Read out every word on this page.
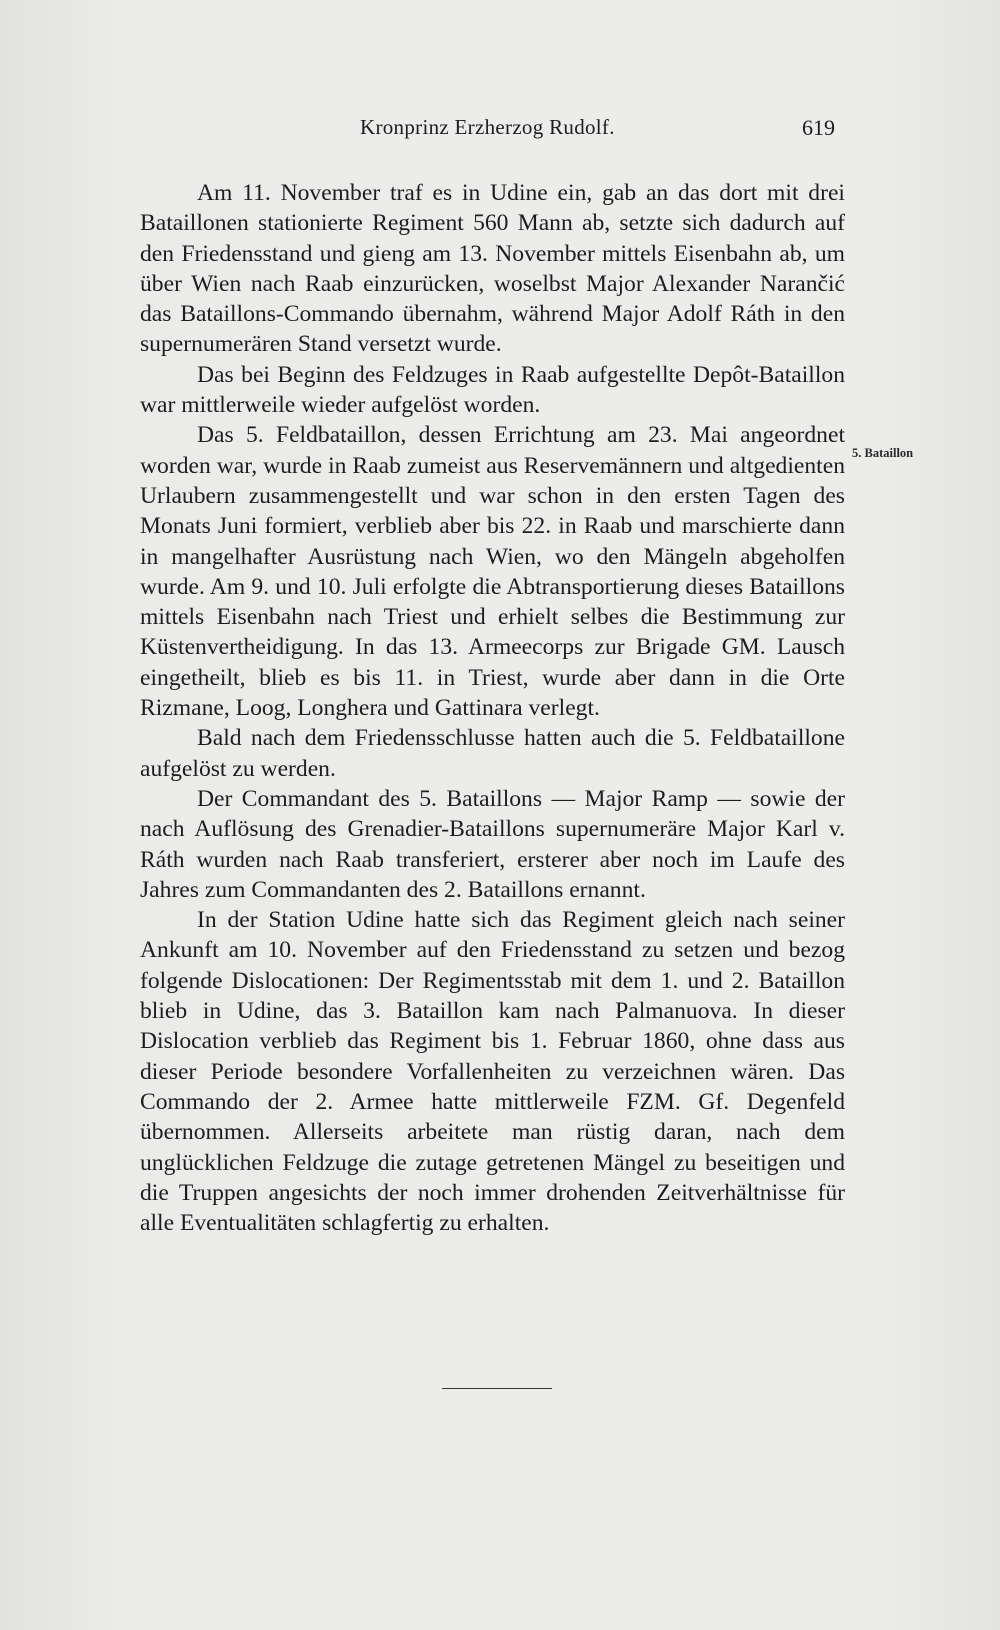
Kronprinz Erzherzog Rudolf.	619

Am 11. November traf es in Udine ein, gab an das dort mit drei Bataillonen stationierte Regiment 560 Mann ab, setzte sich dadurch auf den Friedensstand und gieng am 13. November mittels Eisenbahn ab, um über Wien nach Raab einzurücken, woselbst Major Alexander Narančić das Bataillons-Commando übernahm, während Major Adolf Ráth in den supernumerären Stand versetzt wurde.

Das bei Beginn des Feldzuges in Raab aufgestellte Depôt-Bataillon war mittlerweile wieder aufgelöst worden.

Das 5. Feldbataillon, dessen Errichtung am 23. Mai angeordnet worden war, wurde in Raab zumeist aus Reservemännern und altgedienten Urlaubern zusammengestellt und war schon in den ersten Tagen des Monats Juni formiert, verblieb aber bis 22. in Raab und marschierte dann in mangelhafter Ausrüstung nach Wien, wo den Mängeln abgeholfen wurde. Am 9. und 10. Juli erfolgte die Abtransportierung dieses Bataillons mittels Eisenbahn nach Triest und erhielt selbes die Bestimmung zur Küstenvertheidigung. In das 13. Armeecorps zur Brigade GM. Lausch eingetheilt, blieb es bis 11. in Triest, wurde aber dann in die Orte Rizmane, Loog, Longhera und Gattinara verlegt.

Bald nach dem Friedensschlusse hatten auch die 5. Feldbataillone aufgelöst zu werden.

Der Commandant des 5. Bataillons — Major Ramp — sowie der nach Auflösung des Grenadier-Bataillons supernumeräre Major Karl v. Ráth wurden nach Raab transferiert, ersterer aber noch im Laufe des Jahres zum Commandanten des 2. Bataillons ernannt.

In der Station Udine hatte sich das Regiment gleich nach seiner Ankunft am 10. November auf den Friedensstand zu setzen und bezog folgende Dislocationen: Der Regimentsstab mit dem 1. und 2. Bataillon blieb in Udine, das 3. Bataillon kam nach Palmanuova. In dieser Dislocation verblieb das Regiment bis 1. Februar 1860, ohne dass aus dieser Periode besondere Vorfallenheiten zu verzeichnen wären. Das Commando der 2. Armee hatte mittlerweile FZM. Gf. Degenfeld übernommen. Allerseits arbeitete man rüstig daran, nach dem unglücklichen Feldzuge die zutage getretenen Mängel zu beseitigen und die Truppen angesichts der noch immer drohenden Zeitverhältnisse für alle Eventualitäten schlagfertig zu erhalten.

5. Bataillon
